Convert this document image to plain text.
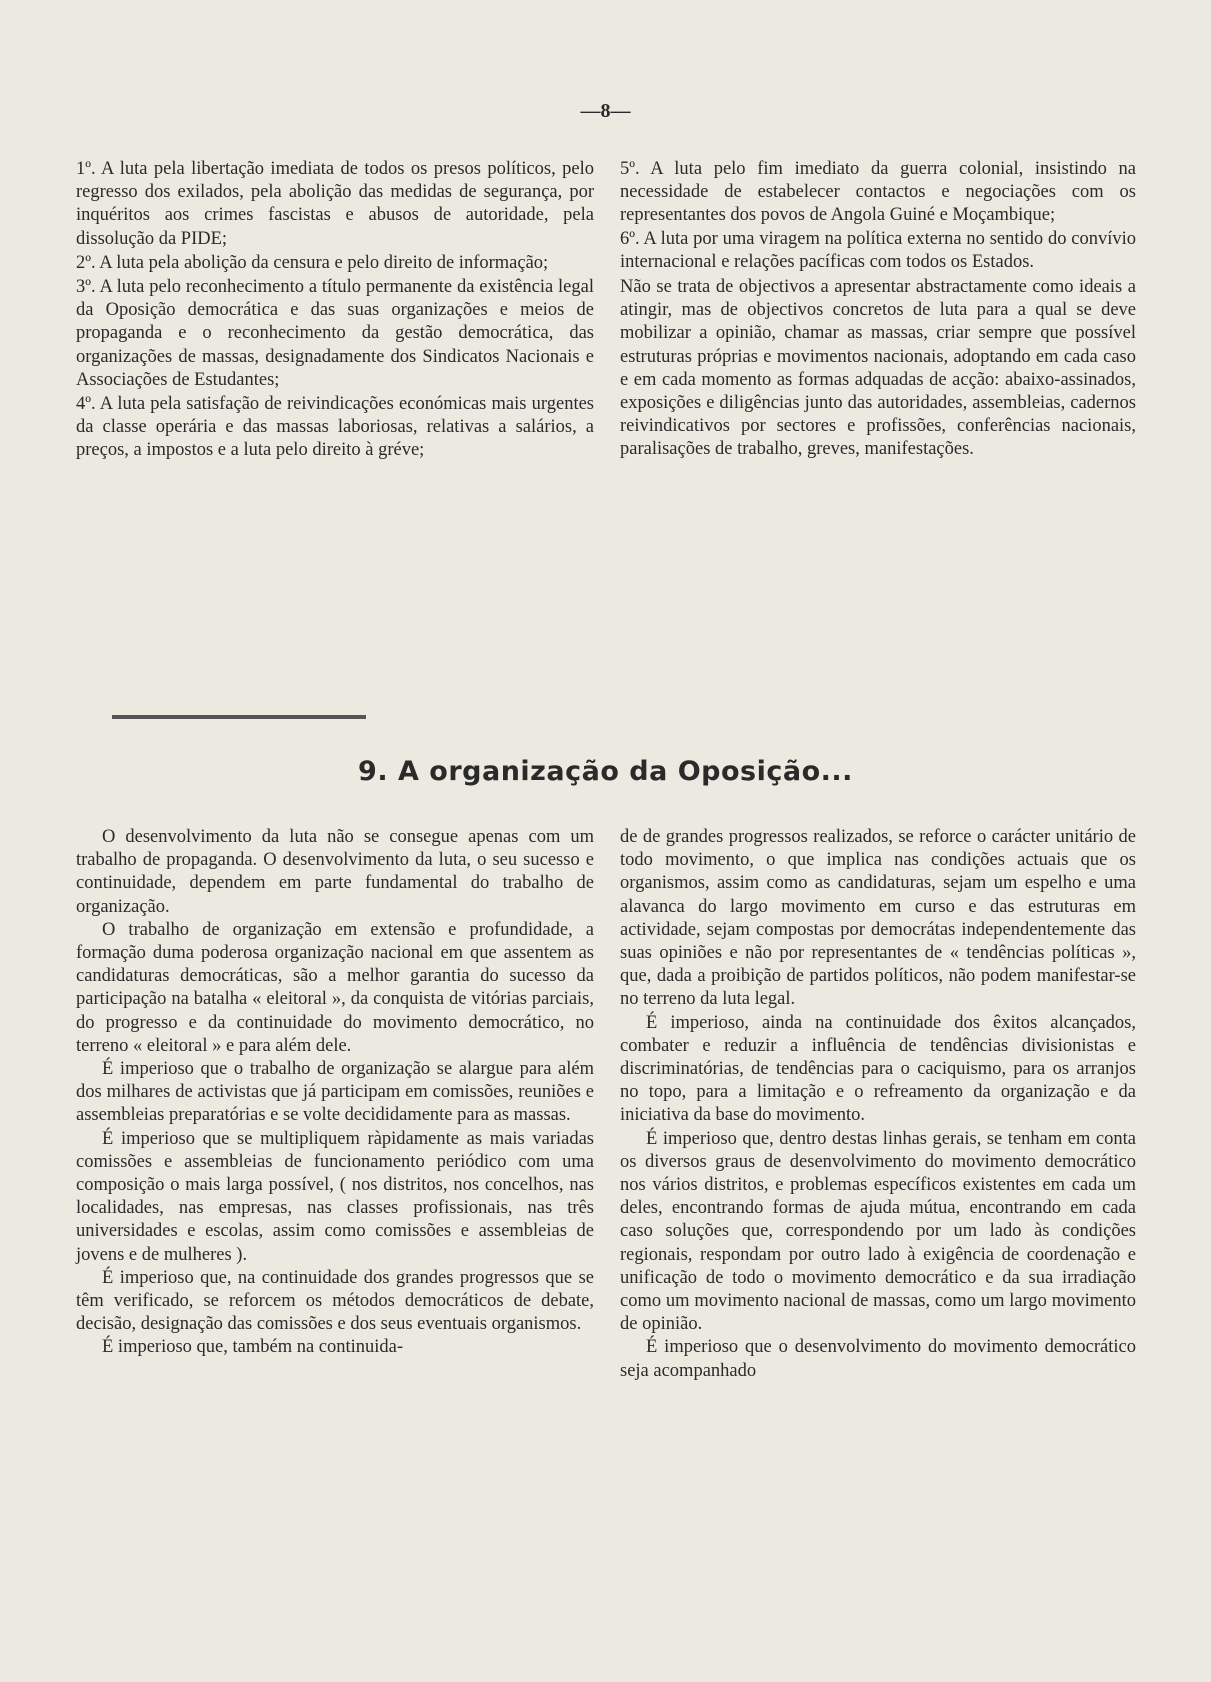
—8—

1º. A luta pela libertação imediata de todos os presos políticos, pelo regresso dos exilados, pela abolição das medidas de segurança, por inquéritos aos crimes fascistas e abusos de autoridade, pela dissolução da PIDE;

2º. A luta pela abolição da censura e pelo direito de informação;

3º. A luta pelo reconhecimento a título permanente da existência legal da Oposição democrática e das suas organizações e meios de propaganda e o reconhecimento da gestão democrática, das organizações de massas, designadamente dos Sindicatos Nacionais e Associações de Estudantes;

4º. A luta pela satisfação de reivindicações económicas mais urgentes da classe operária e das massas laboriosas, relativas a salários, a preços, a impostos e a luta pelo direito à gréve;

5º. A luta pelo fim imediato da guerra colonial, insistindo na necessidade de estabelecer contactos e negociações com os representantes dos povos de Angola Guiné e Moçambique;

6º. A luta por uma viragem na política externa no sentido do convívio internacional e relações pacíficas com todos os Estados.

Não se trata de objectivos a apresentar abstractamente como ideais a atingir, mas de objectivos concretos de luta para a qual se deve mobilizar a opinião, chamar as massas, criar sempre que possível estruturas próprias e movimentos nacionais, adoptando em cada caso e em cada momento as formas adquadas de acção: abaixo-assinados, exposições e diligências junto das autoridades, assembleias, cadernos reivindicativos por sectores e profissões, conferências nacionais, paralisações de trabalho, greves, manifestações.

9. A organização da Oposição...

O desenvolvimento da luta não se consegue apenas com um trabalho de propaganda. O desenvolvimento da luta, o seu sucesso e continuidade, dependem em parte fundamental do trabalho de organização.

O trabalho de organização em extensão e profundidade, a formação duma poderosa organização nacional em que assentem as candidaturas democráticas, são a melhor garantia do sucesso da participação na batalha « eleitoral », da conquista de vitórias parciais, do progresso e da continuidade do movimento democrático, no terreno « eleitoral » e para além dele.

É imperioso que o trabalho de organização se alargue para além dos milhares de activistas que já participam em comissões, reuniões e assembleias preparatórias e se volte decididamente para as massas.

É imperioso que se multipliquem ràpidamente as mais variadas comissões e assembleias de funcionamento periódico com uma composição o mais larga possível, ( nos distritos, nos concelhos, nas localidades, nas empresas, nas classes profissionais, nas três universidades e escolas, assim como comissões e assembleias de jovens e de mulheres ).

É imperioso que, na continuidade dos grandes progressos que se têm verificado, se reforcem os métodos democráticos de debate, decisão, designação das comissões e dos seus eventuais organismos.

É imperioso que, também na continuida-

de de grandes progressos realizados, se reforce o carácter unitário de todo movimento, o que implica nas condições actuais que os organismos, assim como as candidaturas, sejam um espelho e uma alavanca do largo movimento em curso e das estruturas em actividade, sejam compostas por democrátas independentemente das suas opiniões e não por representantes de « tendências políticas », que, dada a proibição de partidos políticos, não podem manifestar-se no terreno da luta legal.

É imperioso, ainda na continuidade dos êxitos alcançados, combater e reduzir a influência de tendências divisionistas e discriminatórias, de tendências para o caciquismo, para os arranjos no topo, para a limitação e o refreamento da organização e da iniciativa da base do movimento.

É imperioso que, dentro destas linhas gerais, se tenham em conta os diversos graus de desenvolvimento do movimento democrático nos vários distritos, e problemas específicos existentes em cada um deles, encontrando formas de ajuda mútua, encontrando em cada caso soluções que, correspondendo por um lado às condições regionais, respondam por outro lado à exigência de coordenação e unificação de todo o movimento democrático e da sua irradiação como um movimento nacional de massas, como um largo movimento de opinião.

É imperioso que o desenvolvimento do movimento democrático seja acompanhado
